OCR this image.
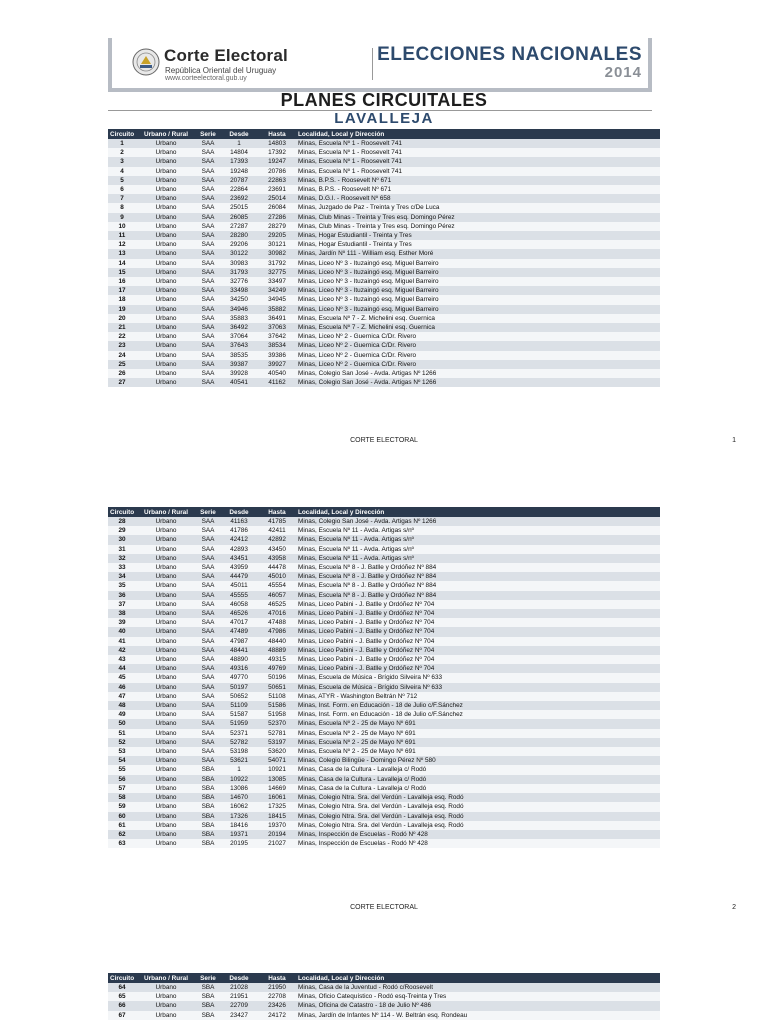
Corte Electoral
República Oriental del Uruguay
www.corteelectoral.gub.uy
ELECCIONES NACIONALES
2014
PLANES CIRCUITALES
LAVALLEJA
Circuito	Urbano / Rural	Serie	Desde	Hasta	Localidad, Local y Dirección
1	Urbano	SAA	1	14803	Minas, Escuela Nº 1 - Roosevelt 741
2	Urbano	SAA	14804	17392	Minas, Escuela Nº 1 - Roosevelt 741
3	Urbano	SAA	17393	19247	Minas, Escuela Nº 1 - Roosevelt 741
4	Urbano	SAA	19248	20786	Minas, Escuela Nº 1 - Roosevelt 741
5	Urbano	SAA	20787	22863	Minas, B.P.S. - Roosevelt Nº 671
6	Urbano	SAA	22864	23691	Minas, B.P.S. - Roosevelt Nº 671
7	Urbano	SAA	23692	25014	Minas, D.G.I. - Roosevelt Nº 658
8	Urbano	SAA	25015	26084	Minas, Juzgado de Paz - Treinta y Tres c/De Luca
9	Urbano	SAA	26085	27286	Minas, Club Minas - Treinta y Tres esq. Domingo Pérez
10	Urbano	SAA	27287	28279	Minas, Club Minas - Treinta y Tres esq. Domingo Pérez
11	Urbano	SAA	28280	29205	Minas, Hogar Estudiantil - Treinta y Tres
12	Urbano	SAA	29206	30121	Minas, Hogar Estudiantil - Treinta y Tres
13	Urbano	SAA	30122	30982	Minas, Jardín Nº 111 - William esq. Esther Moré
14	Urbano	SAA	30983	31792	Minas, Liceo Nº 3 - Ituzaingó esq. Miguel Barreiro
15	Urbano	SAA	31793	32775	Minas, Liceo Nº 3 - Ituzaingó esq. Miguel Barreiro
16	Urbano	SAA	32776	33497	Minas, Liceo Nº 3 - Ituzaingó esq. Miguel Barreiro
17	Urbano	SAA	33498	34249	Minas, Liceo Nº 3 - Ituzaingó esq. Miguel Barreiro
18	Urbano	SAA	34250	34945	Minas, Liceo Nº 3 - Ituzaingó esq. Miguel Barreiro
19	Urbano	SAA	34946	35882	Minas, Liceo Nº 3 - Ituzaingó esq. Miguel Barreiro
20	Urbano	SAA	35883	36491	Minas, Escuela Nº 7 - Z. Michelini esq. Guernica
21	Urbano	SAA	36492	37063	Minas, Escuela Nº 7 - Z. Michelini esq. Guernica
22	Urbano	SAA	37064	37642	Minas, Liceo Nº 2 - Guernica C/Dr. Rivero
23	Urbano	SAA	37643	38534	Minas, Liceo Nº 2 - Guernica C/Dr. Rivero
24	Urbano	SAA	38535	39386	Minas, Liceo Nº 2 - Guernica C/Dr. Rivero
25	Urbano	SAA	39387	39927	Minas, Liceo Nº 2 - Guernica C/Dr. Rivero
26	Urbano	SAA	39928	40540	Minas, Colegio San José - Avda. Artigas Nº 1266
27	Urbano	SAA	40541	41162	Minas, Colegio San José - Avda. Artigas Nº 1266
CORTE ELECTORAL	1
Circuito	Urbano / Rural	Serie	Desde	Hasta	Localidad, Local y Dirección
28	Urbano	SAA	41163	41785	Minas, Colegio San José - Avda. Artigas Nº 1266
29	Urbano	SAA	41786	42411	Minas, Escuela Nº 11 - Avda. Artigas s/nº
30	Urbano	SAA	42412	42892	Minas, Escuela Nº 11 - Avda. Artigas s/nº
31	Urbano	SAA	42893	43450	Minas, Escuela Nº 11 - Avda. Artigas s/nº
32	Urbano	SAA	43451	43958	Minas, Escuela Nº 11 - Avda. Artigas s/nº
33	Urbano	SAA	43959	44478	Minas, Escuela Nº 8 - J. Batlle y Ordóñez Nº 884
34	Urbano	SAA	44479	45010	Minas, Escuela Nº 8 - J. Batlle y Ordóñez Nº 884
35	Urbano	SAA	45011	45554	Minas, Escuela Nº 8 - J. Batlle y Ordóñez Nº 884
36	Urbano	SAA	45555	46057	Minas, Escuela Nº 8 - J. Batlle y Ordóñez Nº 884
37	Urbano	SAA	46058	46525	Minas, Liceo Pabini - J. Batlle y Ordóñez Nº 704
38	Urbano	SAA	46526	47016	Minas, Liceo Pabini - J. Batlle y Ordóñez Nº 704
39	Urbano	SAA	47017	47488	Minas, Liceo Pabini - J. Batlle y Ordóñez Nº 704
40	Urbano	SAA	47489	47986	Minas, Liceo Pabini - J. Batlle y Ordóñez Nº 704
41	Urbano	SAA	47987	48440	Minas, Liceo Pabini - J. Batlle y Ordóñez Nº 704
42	Urbano	SAA	48441	48889	Minas, Liceo Pabini - J. Batlle y Ordóñez Nº 704
43	Urbano	SAA	48890	49315	Minas, Liceo Pabini - J. Batlle y Ordóñez Nº 704
44	Urbano	SAA	49316	49769	Minas, Liceo Pabini - J. Batlle y Ordóñez Nº 704
45	Urbano	SAA	49770	50196	Minas, Escuela de Música - Brígido Silveira Nº 633
46	Urbano	SAA	50197	50651	Minas, Escuela de Música - Brígido Silveira Nº 633
47	Urbano	SAA	50652	51108	Minas, ATYR - Washington Beltrán Nº 712
48	Urbano	SAA	51109	51586	Minas, Inst. Form. en Educación - 18 de Julio c/F.Sánchez
49	Urbano	SAA	51587	51958	Minas, Inst. Form. en Educación - 18 de Julio c/F.Sánchez
50	Urbano	SAA	51959	52370	Minas, Escuela Nº 2 - 25 de Mayo Nº 691
51	Urbano	SAA	52371	52781	Minas, Escuela Nº 2 - 25 de Mayo Nº 691
52	Urbano	SAA	52782	53197	Minas, Escuela Nº 2 - 25 de Mayo Nº 691
53	Urbano	SAA	53198	53620	Minas, Escuela Nº 2 - 25 de Mayo Nº 691
54	Urbano	SAA	53621	54071	Minas, Colegio Bilingüe - Domingo Pérez Nº 580
55	Urbano	SBA	1	10921	Minas, Casa de la Cultura - Lavalleja c/ Rodó
56	Urbano	SBA	10922	13085	Minas, Casa de la Cultura - Lavalleja c/ Rodó
57	Urbano	SBA	13086	14669	Minas, Casa de la Cultura - Lavalleja c/ Rodó
58	Urbano	SBA	14670	16061	Minas, Colegio Ntra. Sra. del Verdún - Lavalleja esq. Rodó
59	Urbano	SBA	16062	17325	Minas, Colegio Ntra. Sra. del Verdún - Lavalleja esq. Rodó
60	Urbano	SBA	17326	18415	Minas, Colegio Ntra. Sra. del Verdún - Lavalleja esq. Rodó
61	Urbano	SBA	18416	19370	Minas, Colegio Ntra. Sra. del Verdún - Lavalleja esq. Rodó
62	Urbano	SBA	19371	20194	Minas, Inspección de Escuelas - Rodó Nº 428
63	Urbano	SBA	20195	21027	Minas, Inspección de Escuelas - Rodó Nº 428
CORTE ELECTORAL	2
Circuito	Urbano / Rural	Serie	Desde	Hasta	Localidad, Local y Dirección
64	Urbano	SBA	21028	21950	Minas, Casa de la Juventud - Rodó c/Roosevelt
65	Urbano	SBA	21951	22708	Minas, Oficio Catequístico - Rodó esq-Treinta y Tres
66	Urbano	SBA	22709	23426	Minas, Oficina de Catastro - 18 de Julio Nº 486
67	Urbano	SBA	23427	24172	Minas, Jardín de Infantes Nº 114 - W. Beltrán esq. Rondeau
